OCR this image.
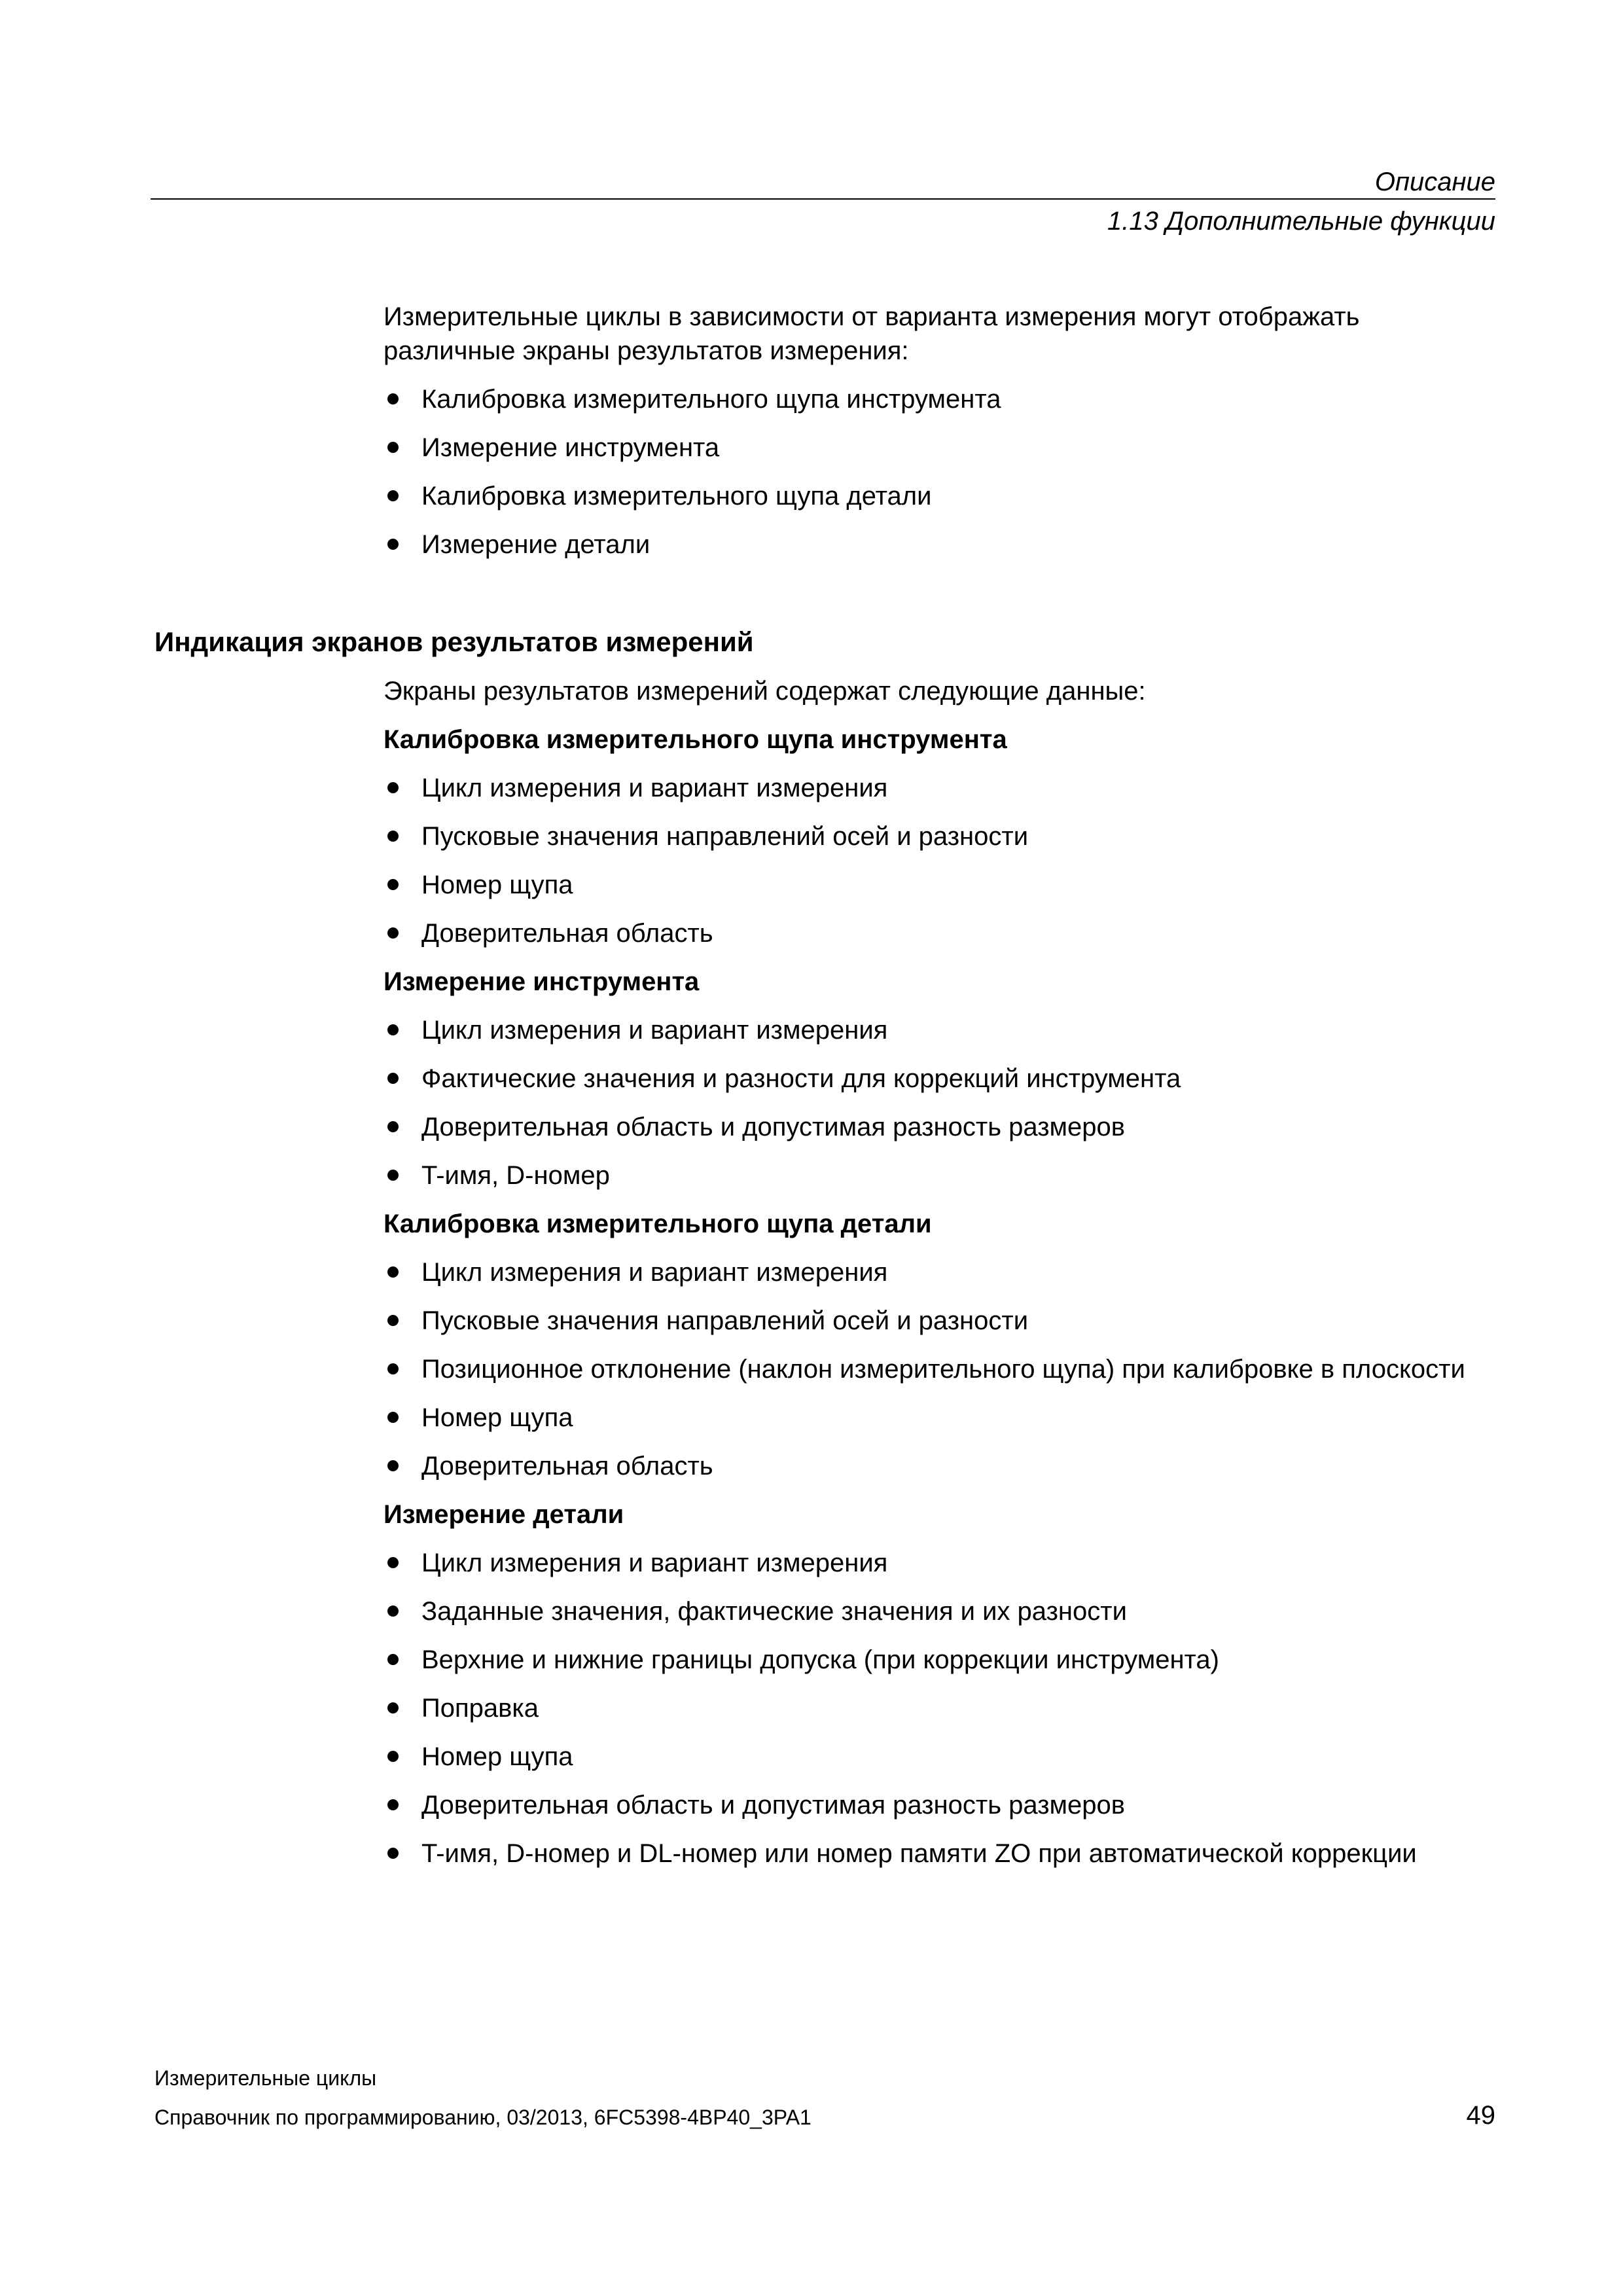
Описание

1.13 Дополнительные функции

Измерительные циклы в зависимости от варианта измерения могут отображать различные экраны результатов измерения:

Калибровка измерительного щупа инструмента
Измерение инструмента
Калибровка измерительного щупа детали
Измерение детали
Индикация экранов результатов измерений

Экраны результатов измерений содержат следующие данные:

Калибровка измерительного щупа инструмента
Цикл измерения и вариант измерения
Пусковые значения направлений осей и разности
Номер щупа
Доверительная область
Измерение инструмента
Цикл измерения и вариант измерения
Фактические значения и разности для коррекций инструмента
Доверительная область и допустимая разность размеров
T-имя, D-номер
Калибровка измерительного щупа детали
Цикл измерения и вариант измерения
Пусковые значения направлений осей и разности
Позиционное отклонение (наклон измерительного щупа) при калибровке в плоскости
Номер щупа
Доверительная область
Измерение детали
Цикл измерения и вариант измерения
Заданные значения, фактические значения и их разности
Верхние и нижние границы допуска (при коррекции инструмента)
Поправка
Номер щупа
Доверительная область и допустимая разность размеров
T-имя, D-номер и DL-номер или номер памяти ZO при автоматической коррекции

Измерительные циклы

Справочник по программированию, 03/2013, 6FC5398-4BP40_3PA1	49
